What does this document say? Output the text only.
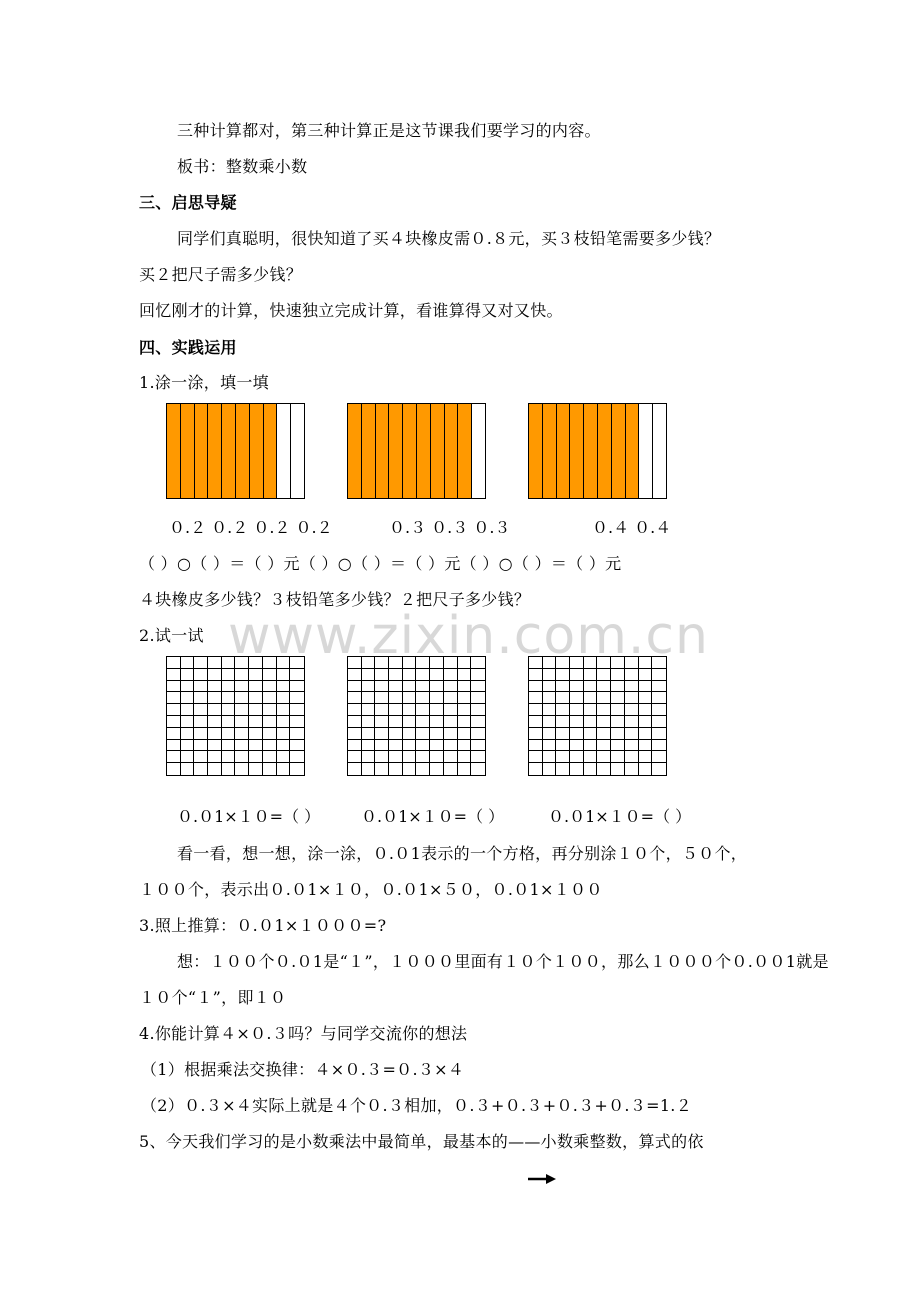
www.zixin.com.cn
三种计算都对，第三种计算正是这节课我们要学习的内容。
板书：整数乘小数
三、启思导疑
同学们真聪明，很快知道了买４块橡皮需０.８元，买３枝铅笔需要多少钱？
买２把尺子需多少钱？
回忆刚才的计算，快速独立完成计算，看谁算得又对又快。
四、实践运用
1.涂一涂，填一填
０.２ ０.２ ０.２ ０.２	０.３ ０.３ ０.３	０.４ ０.４
（ ）○（ ）＝（ ）元（ ）○（ ）＝（ ）元（ ）○（ ）＝（ ）元
４块橡皮多少钱？３枝铅笔多少钱？２把尺子多少钱？
2.试一试
０.０1×１０=（ ）	０.０1×１０=（ ）	０.０1×１０=（ ）
看一看，想一想，涂一涂，０.０1表示的一个方格，再分别涂１０个，５０个，
１００个，表示出０.０1×１０，０.０1×５０，０.０1×１００
3.照上推算：０.０1×１０００=?
想：１００个０.０1是“１”，１０００里面有１０个１００，那么１０００个０.００1就是
１０个“１”，即１０
4.你能计算４×０.３吗？与同学交流你的想法
（1）根据乘法交换律：４×０.３=０.３×４
（2）０.３×４实际上就是４个０.３相加，０.３+０.３+０.３+０.３=1.２
5、今天我们学习的是小数乘法中最简单，最基本的——小数乘整数，算式的依
